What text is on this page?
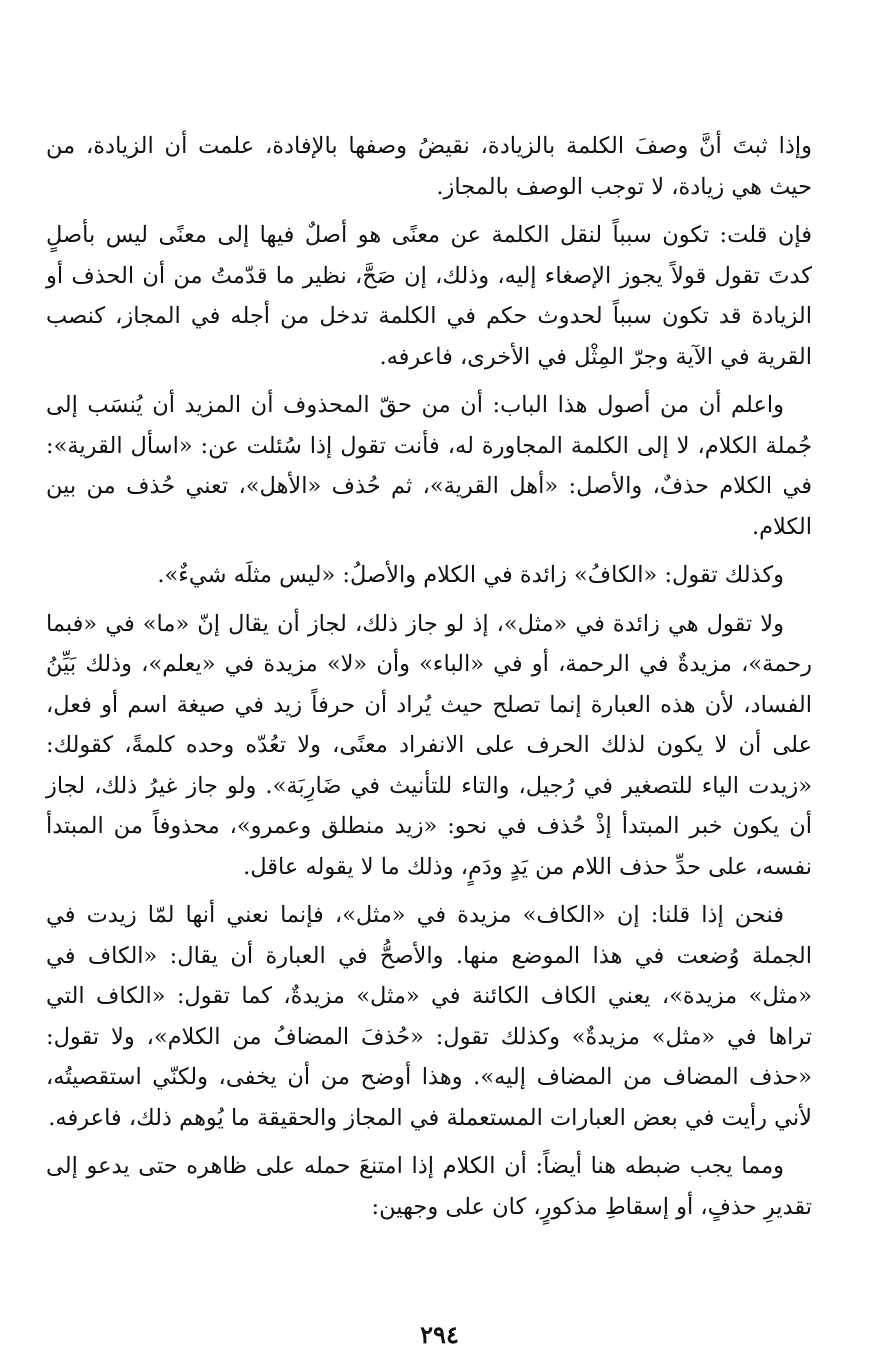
وإذا ثبتَ أنَّ وصفَ الكلمة بالزيادة، نقيضُ وصفها بالإفادة، علمت أن الزيادة، من حيث هي زيادة، لا توجب الوصف بالمجاز.

فإن قلت: تكون سبباً لنقل الكلمة عن معنًى هو أصلٌ فيها إلى معنًى ليس بأصلٍ كدتَ تقول قولاً يجوز الإصغاء إليه، وذلك، إن صَحَّ، نظير ما قدّمتُ من أن الحذف أو الزيادة قد تكون سبباً لحدوث حكم في الكلمة تدخل من أجله في المجاز، كنصب القرية في الآية وجرّ المِثْل في الأخرى، فاعرفه.

واعلم أن من أصول هذا الباب: أن من حقّ المحذوف أن المزيد أن يُنسَب إلى جُملة الكلام، لا إلى الكلمة المجاورة له، فأنت تقول إذا سُئلت عن: «اسأل القرية»: في الكلام حذفٌ، والأصل: «أهل القرية»، ثم حُذف «الأهل»، تعني حُذف من بين الكلام.

وكذلك تقول: «الكافُ» زائدة في الكلام والأصلُ: «ليس مثلَه شيءٌ».

ولا تقول هي زائدة في «مثل»، إذ لو جاز ذلك، لجاز أن يقال إنّ «ما» في «فبما رحمة»، مزيدةٌ في الرحمة، أو في «الباء» وأن «لا» مزيدة في «يعلم»، وذلك بَيِّنُ الفساد، لأن هذه العبارة إنما تصلح حيث يُراد أن حرفاً زيد في صيغة اسم أو فعل، على أن لا يكون لذلك الحرف على الانفراد معنًى، ولا تعُدّه وحده كلمةً، كقولك: «زيدت الياء للتصغير في رُجيل، والتاء للتأنيث في ضَارِبَة». ولو جاز غيرُ ذلك، لجاز أن يكون خبر المبتدأ إذْ حُذف في نحو: «زيد منطلق وعمرو»، محذوفاً من المبتدأ نفسه، على حدِّ حذف اللام من يَدٍ ودَمٍ، وذلك ما لا يقوله عاقل.

فنحن إذا قلنا: إن «الكاف» مزيدة في «مثل»، فإنما نعني أنها لمّا زيدت في الجملة وُضعت في هذا الموضع منها. والأصحُّ في العبارة أن يقال: «الكاف في «مثل» مزيدة»، يعني الكاف الكائنة في «مثل» مزيدةٌ، كما تقول: «الكاف التي تراها في «مثل» مزيدةٌ» وكذلك تقول: «حُذفَ المضافُ من الكلام»، ولا تقول: «حذف المضاف من المضاف إليه». وهذا أوضح من أن يخفى، ولكنّي استقصيتُه، لأني رأيت في بعض العبارات المستعملة في المجاز والحقيقة ما يُوهم ذلك، فاعرفه.

ومما يجب ضبطه هنا أيضاً: أن الكلام إذا امتنعَ حمله على ظاهره حتى يدعو إلى تقديرِ حذفٍ، أو إسقاطِ مذكورٍ، كان على وجهين:

٢٩٤
